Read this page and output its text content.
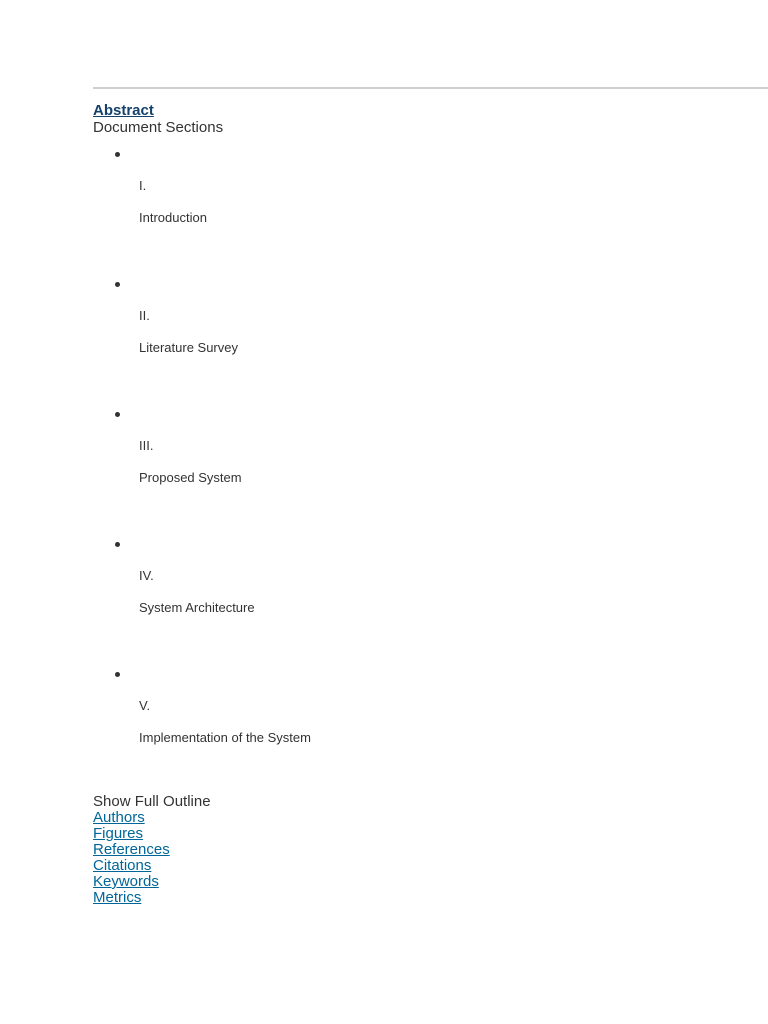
Abstract
Document Sections
I.
Introduction
II.
Literature Survey
III.
Proposed System
IV.
System Architecture
V.
Implementation of the System
Show Full Outline
Authors
Figures
References
Citations
Keywords
Metrics
